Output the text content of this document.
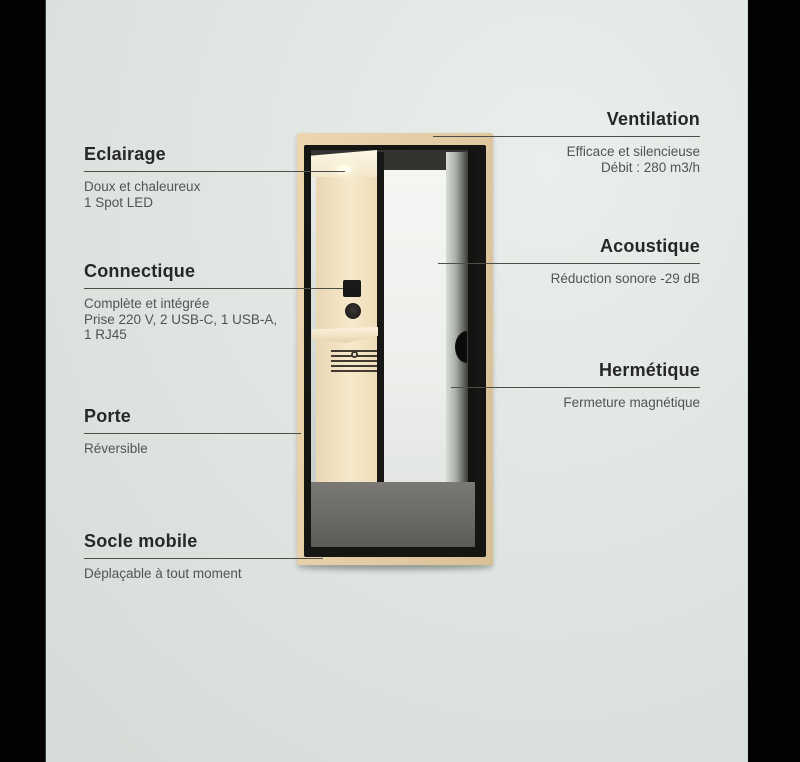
Eclairage

Doux et chaleureux

1 Spot LED

Connectique

Complète et intégrée

Prise 220 V, 2 USB-C, 1 USB-A,

1 RJ45

Porte

Réversible

Socle mobile

Déplaçable à tout moment

Ventilation

Efficace et silencieuse

Débit : 280 m3/h

Acoustique

Réduction sonore -29 dB

Hermétique

Fermeture magnétique
